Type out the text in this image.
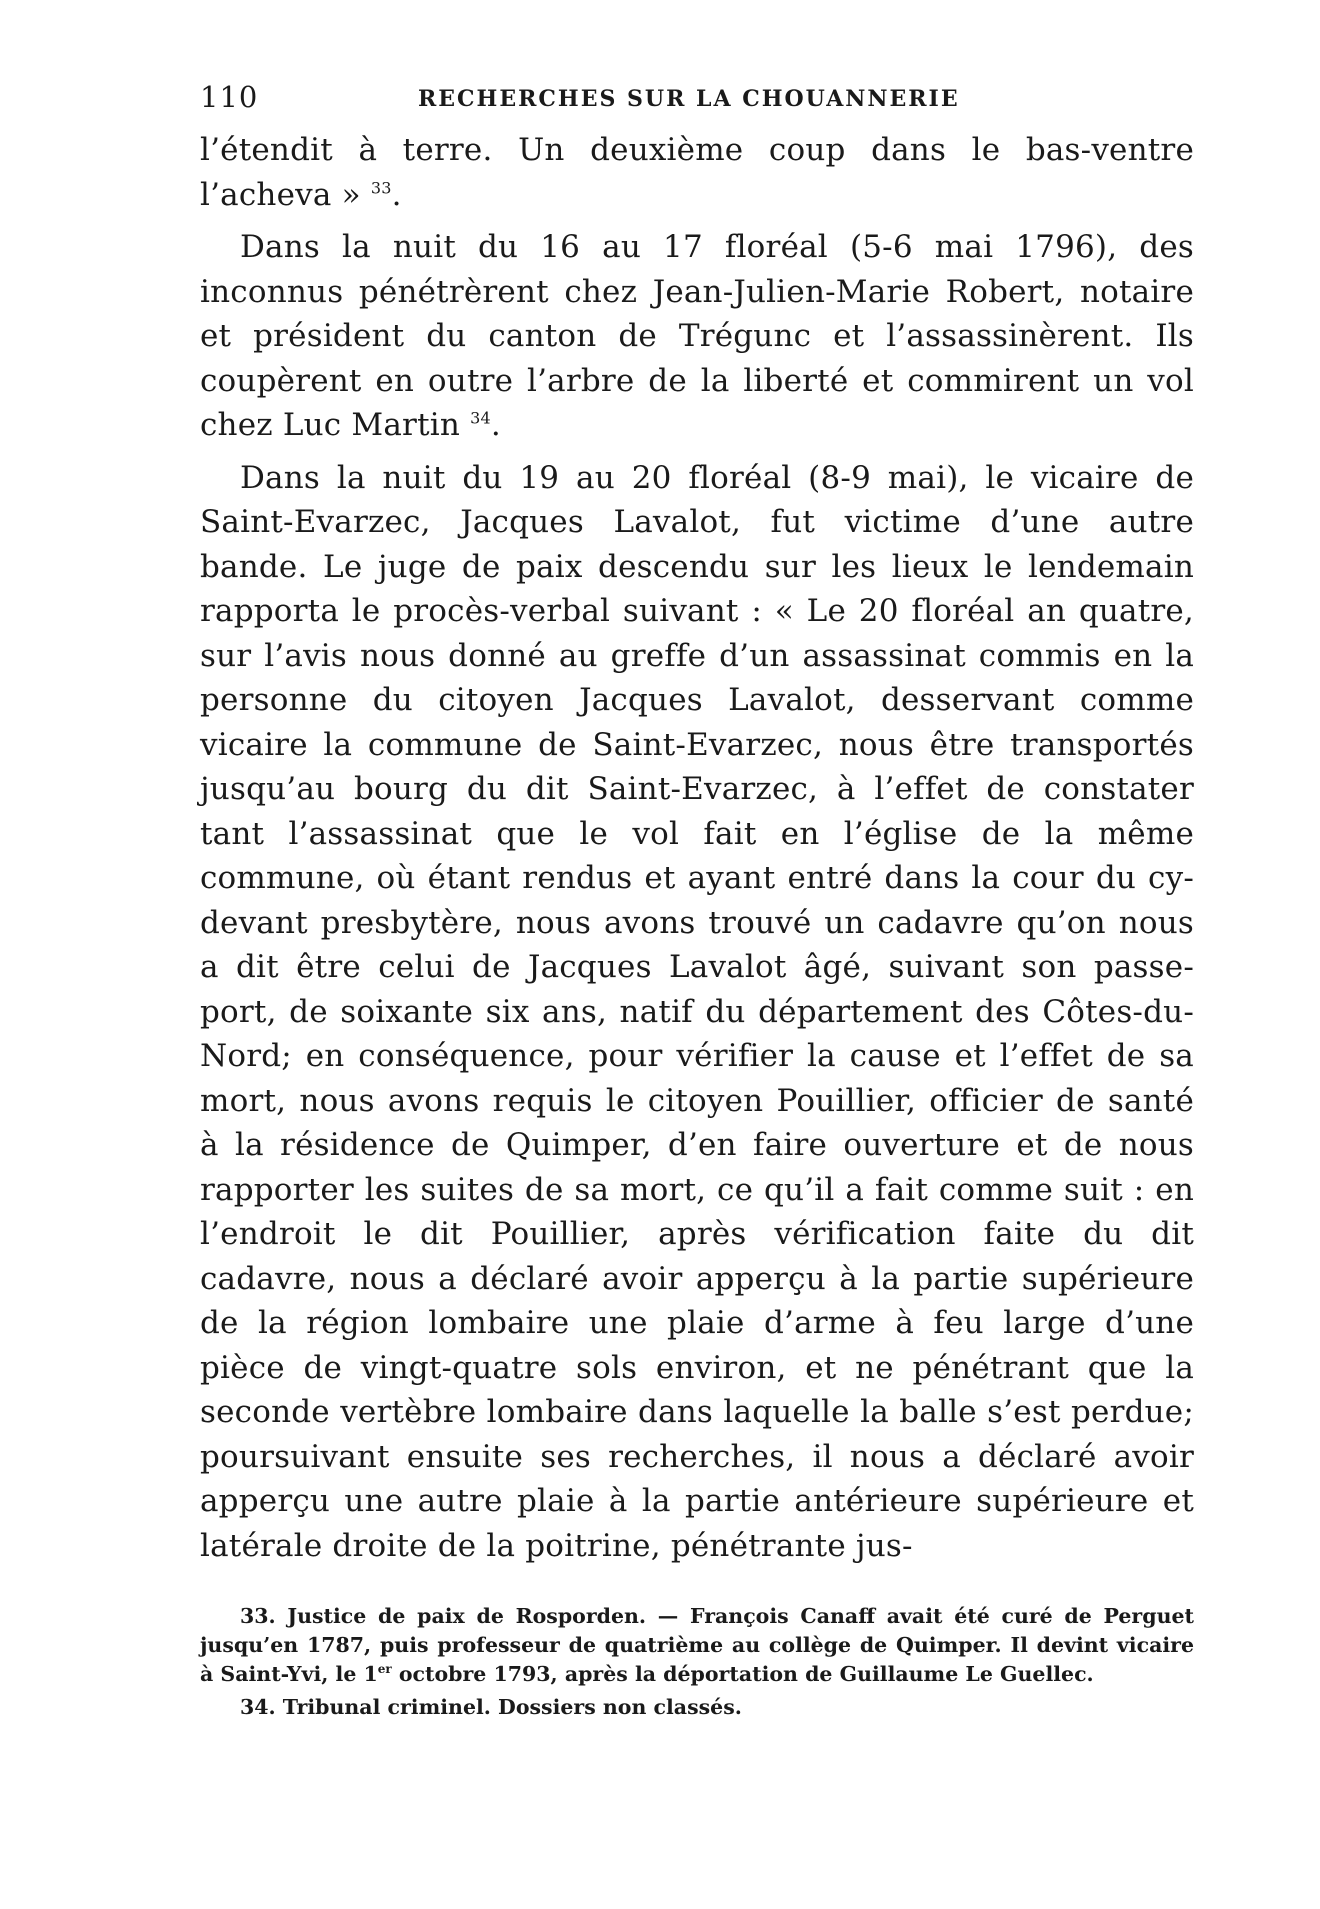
110	RECHERCHES SUR LA CHOUANNERIE

l’étendit à terre. Un deuxième coup dans le bas-ventre l’acheva » $^{33}$.

Dans la nuit du 16 au 17 floréal (5-6 mai 1796), des inconnus pénétrèrent chez Jean-Julien-Marie Robert, notaire et président du canton de Trégunc et l’assassinèrent. Ils coupèrent en outre l’arbre de la liberté et commirent un vol chez Luc Martin $^{34}$.

Dans la nuit du 19 au 20 floréal (8-9 mai), le vicaire de Saint-Evarzec, Jacques Lavalot, fut victime d’une autre bande. Le juge de paix descendu sur les lieux le lendemain rapporta le procès-verbal suivant : « Le 20 floréal an quatre, sur l’avis nous donné au greffe d’un assassinat commis en la personne du citoyen Jacques Lavalot, desservant comme vicaire la commune de Saint-Evarzec, nous être transportés jusqu’au bourg du dit Saint-Evarzec, à l’effet de constater tant l’assassinat que le vol fait en l’église de la même commune, où étant rendus et ayant entré dans la cour du cy-devant presbytère, nous avons trouvé un cadavre qu’on nous a dit être celui de Jacques Lavalot âgé, suivant son passe-port, de soixante six ans, natif du département des Côtes-du-Nord; en conséquence, pour vérifier la cause et l’effet de sa mort, nous avons requis le citoyen Pouillier, officier de santé à la résidence de Quimper, d’en faire ouverture et de nous rapporter les suites de sa mort, ce qu’il a fait comme suit : en l’endroit le dit Pouillier, après vérification faite du dit cadavre, nous a déclaré avoir apperçu à la partie supérieure de la région lombaire une plaie d’arme à feu large d’une pièce de vingt-quatre sols environ, et ne pénétrant que la seconde vertèbre lombaire dans laquelle la balle s’est perdue; poursuivant ensuite ses recherches, il nous a déclaré avoir apperçu une autre plaie à la partie antérieure supérieure et latérale droite de la poitrine, pénétrante jus-

33. Justice de paix de Rosporden. — François Canaff avait été curé de Perguet jusqu’en 1787, puis professeur de quatrième au collège de Quimper. Il devint vicaire à Saint-Yvi, le 1er octobre 1793, après la déportation de Guillaume Le Guellec.

34. Tribunal criminel. Dossiers non classés.
